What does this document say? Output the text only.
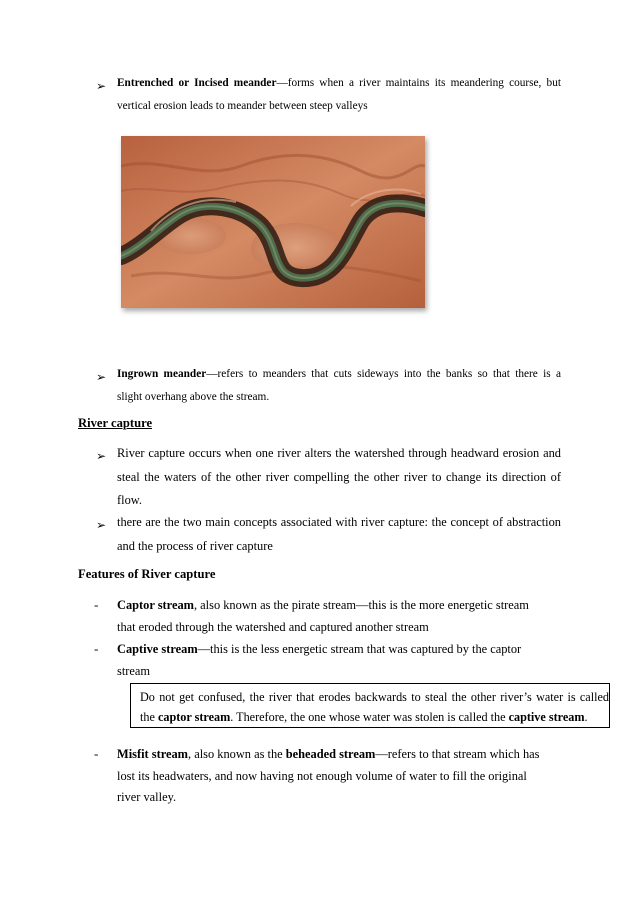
➢ Entrenched or Incised meander—forms when a river maintains its meandering course, but
vertical erosion leads to meander between steep valleys
➢ Ingrown meander—refers to meanders that cuts sideways into the banks so that there is a
slight overhang above the stream.
River capture
➢ River capture occurs when one river alters the watershed through headward erosion and
steal the waters of the other river compelling the other river to change its direction of
flow.
➢ there are the two main concepts associated with river capture: the concept of abstraction
and the process of river capture
Features of River capture
- Captor stream, also known as the pirate stream—this is the more energetic stream
that eroded through the watershed and captured another stream
- Captive stream—this is the less energetic stream that was captured by the captor
stream
Do not get confused, the river that erodes backwards to steal the other river’s water is called
the captor stream. Therefore, the one whose water was stolen is called the captive stream.
- Misfit stream, also known as the beheaded stream—refers to that stream which has
lost its headwaters, and now having not enough volume of water to fill the original
river valley.
